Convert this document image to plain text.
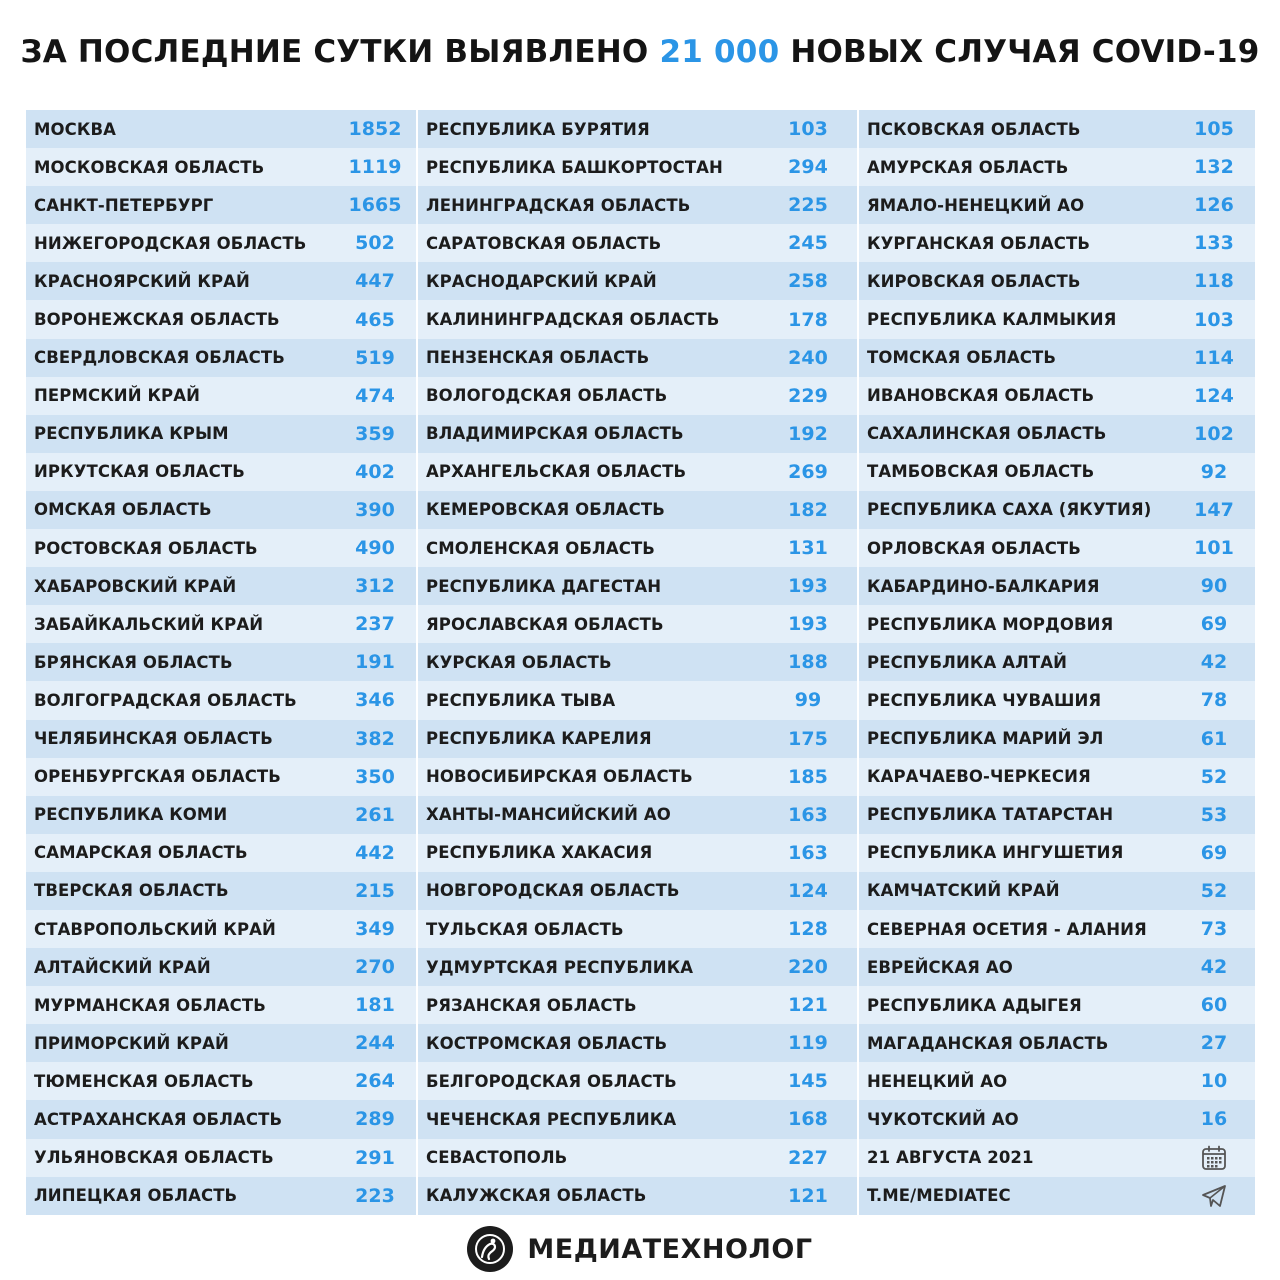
ЗА ПОСЛЕДНИЕ СУТКИ ВЫЯВЛЕНО 21 000 НОВЫХ СЛУЧАЯ COVID-19
МОСКВА	1852
МОСКОВСКАЯ ОБЛАСТЬ	1119
САНКТ-ПЕТЕРБУРГ	1665
НИЖЕГОРОДСКАЯ ОБЛАСТЬ	502
КРАСНОЯРСКИЙ КРАЙ	447
ВОРОНЕЖСКАЯ ОБЛАСТЬ	465
СВЕРДЛОВСКАЯ ОБЛАСТЬ	519
ПЕРМСКИЙ КРАЙ	474
РЕСПУБЛИКА КРЫМ	359
ИРКУТСКАЯ ОБЛАСТЬ	402
ОМСКАЯ ОБЛАСТЬ	390
РОСТОВСКАЯ ОБЛАСТЬ	490
ХАБАРОВСКИЙ КРАЙ	312
ЗАБАЙКАЛЬСКИЙ КРАЙ	237
БРЯНСКАЯ ОБЛАСТЬ	191
ВОЛГОГРАДСКАЯ ОБЛАСТЬ	346
ЧЕЛЯБИНСКАЯ ОБЛАСТЬ	382
ОРЕНБУРГСКАЯ ОБЛАСТЬ	350
РЕСПУБЛИКА КОМИ	261
САМАРСКАЯ ОБЛАСТЬ	442
ТВЕРСКАЯ ОБЛАСТЬ	215
СТАВРОПОЛЬСКИЙ КРАЙ	349
АЛТАЙСКИЙ КРАЙ	270
МУРМАНСКАЯ ОБЛАСТЬ	181
ПРИМОРСКИЙ КРАЙ	244
ТЮМЕНСКАЯ ОБЛАСТЬ	264
АСТРАХАНСКАЯ ОБЛАСТЬ	289
УЛЬЯНОВСКАЯ ОБЛАСТЬ	291
ЛИПЕЦКАЯ ОБЛАСТЬ	223
РЕСПУБЛИКА БУРЯТИЯ	103
РЕСПУБЛИКА БАШКОРТОСТАН	294
ЛЕНИНГРАДСКАЯ ОБЛАСТЬ	225
САРАТОВСКАЯ ОБЛАСТЬ	245
КРАСНОДАРСКИЙ КРАЙ	258
КАЛИНИНГРАДСКАЯ ОБЛАСТЬ	178
ПЕНЗЕНСКАЯ ОБЛАСТЬ	240
ВОЛОГОДСКАЯ ОБЛАСТЬ	229
ВЛАДИМИРСКАЯ ОБЛАСТЬ	192
АРХАНГЕЛЬСКАЯ ОБЛАСТЬ	269
КЕМЕРОВСКАЯ ОБЛАСТЬ	182
СМОЛЕНСКАЯ ОБЛАСТЬ	131
РЕСПУБЛИКА ДАГЕСТАН	193
ЯРОСЛАВСКАЯ ОБЛАСТЬ	193
КУРСКАЯ ОБЛАСТЬ	188
РЕСПУБЛИКА ТЫВА	99
РЕСПУБЛИКА КАРЕЛИЯ	175
НОВОСИБИРСКАЯ ОБЛАСТЬ	185
ХАНТЫ-МАНСИЙСКИЙ АО	163
РЕСПУБЛИКА ХАКАСИЯ	163
НОВГОРОДСКАЯ ОБЛАСТЬ	124
ТУЛЬСКАЯ ОБЛАСТЬ	128
УДМУРТСКАЯ РЕСПУБЛИКА	220
РЯЗАНСКАЯ ОБЛАСТЬ	121
КОСТРОМСКАЯ ОБЛАСТЬ	119
БЕЛГОРОДСКАЯ ОБЛАСТЬ	145
ЧЕЧЕНСКАЯ РЕСПУБЛИКА	168
СЕВАСТОПОЛЬ	227
КАЛУЖСКАЯ ОБЛАСТЬ	121
ПСКОВСКАЯ ОБЛАСТЬ	105
АМУРСКАЯ ОБЛАСТЬ	132
ЯМАЛО-НЕНЕЦКИЙ АО	126
КУРГАНСКАЯ ОБЛАСТЬ	133
КИРОВСКАЯ ОБЛАСТЬ	118
РЕСПУБЛИКА КАЛМЫКИЯ	103
ТОМСКАЯ ОБЛАСТЬ	114
ИВАНОВСКАЯ ОБЛАСТЬ	124
САХАЛИНСКАЯ ОБЛАСТЬ	102
ТАМБОВСКАЯ ОБЛАСТЬ	92
РЕСПУБЛИКА САХА (ЯКУТИЯ)	147
ОРЛОВСКАЯ ОБЛАСТЬ	101
КАБАРДИНО-БАЛКАРИЯ	90
РЕСПУБЛИКА МОРДОВИЯ	69
РЕСПУБЛИКА АЛТАЙ	42
РЕСПУБЛИКА ЧУВАШИЯ	78
РЕСПУБЛИКА МАРИЙ ЭЛ	61
КАРАЧАЕВО-ЧЕРКЕСИЯ	52
РЕСПУБЛИКА ТАТАРСТАН	53
РЕСПУБЛИКА ИНГУШЕТИЯ	69
КАМЧАТСКИЙ КРАЙ	52
СЕВЕРНАЯ ОСЕТИЯ - АЛАНИЯ	73
ЕВРЕЙСКАЯ АО	42
РЕСПУБЛИКА АДЫГЕЯ	60
МАГАДАНСКАЯ ОБЛАСТЬ	27
НЕНЕЦКИЙ АО	10
ЧУКОТСКИЙ АО	16
21 АВГУСТА 2021
T.ME/MEDIATEC
МЕДИАТЕХНОЛОГ
